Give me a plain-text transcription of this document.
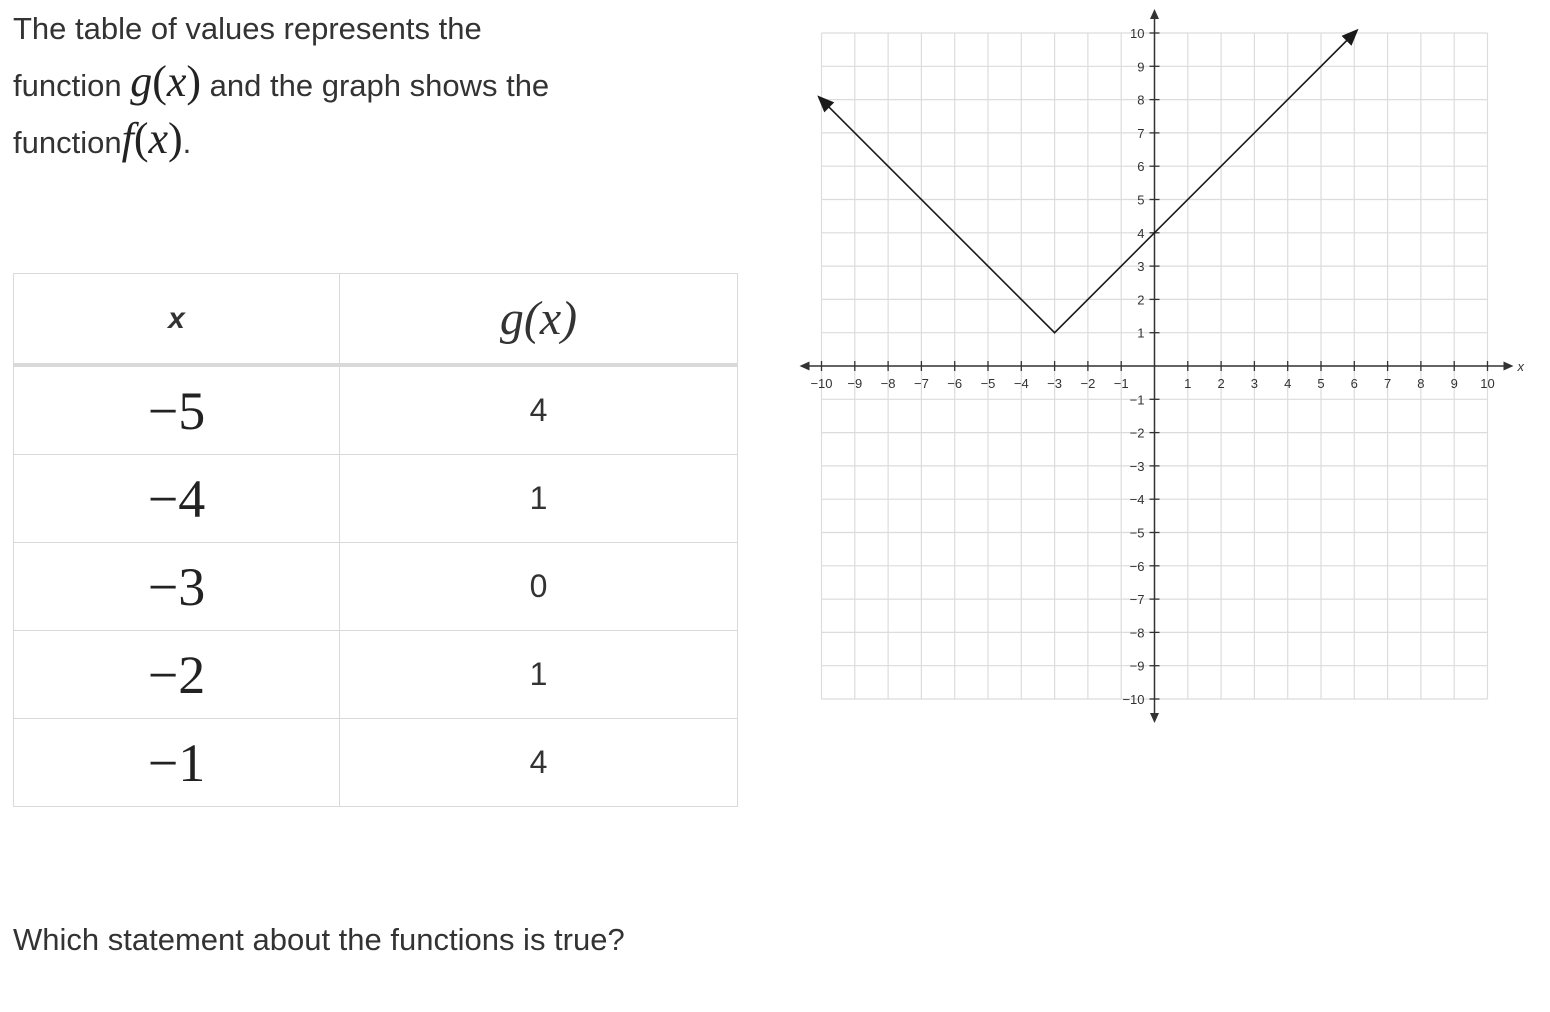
The table of values represents the
function g(x) and the graph shows the
functionf(x).
x	g(x)
−5	4
−4	1
−3	0
−2	1
−1	4
Which statement about the functions is true?
−10 −9 −8 −7 −6 −5 −4 −3 −2 −1	1 2 3 4 5 6 7 8 9 10
10
9
8
7
6
5
4
3
2
1
−1
−2
−3
−4
−5
−6
−7
−8
−9
−10
x
